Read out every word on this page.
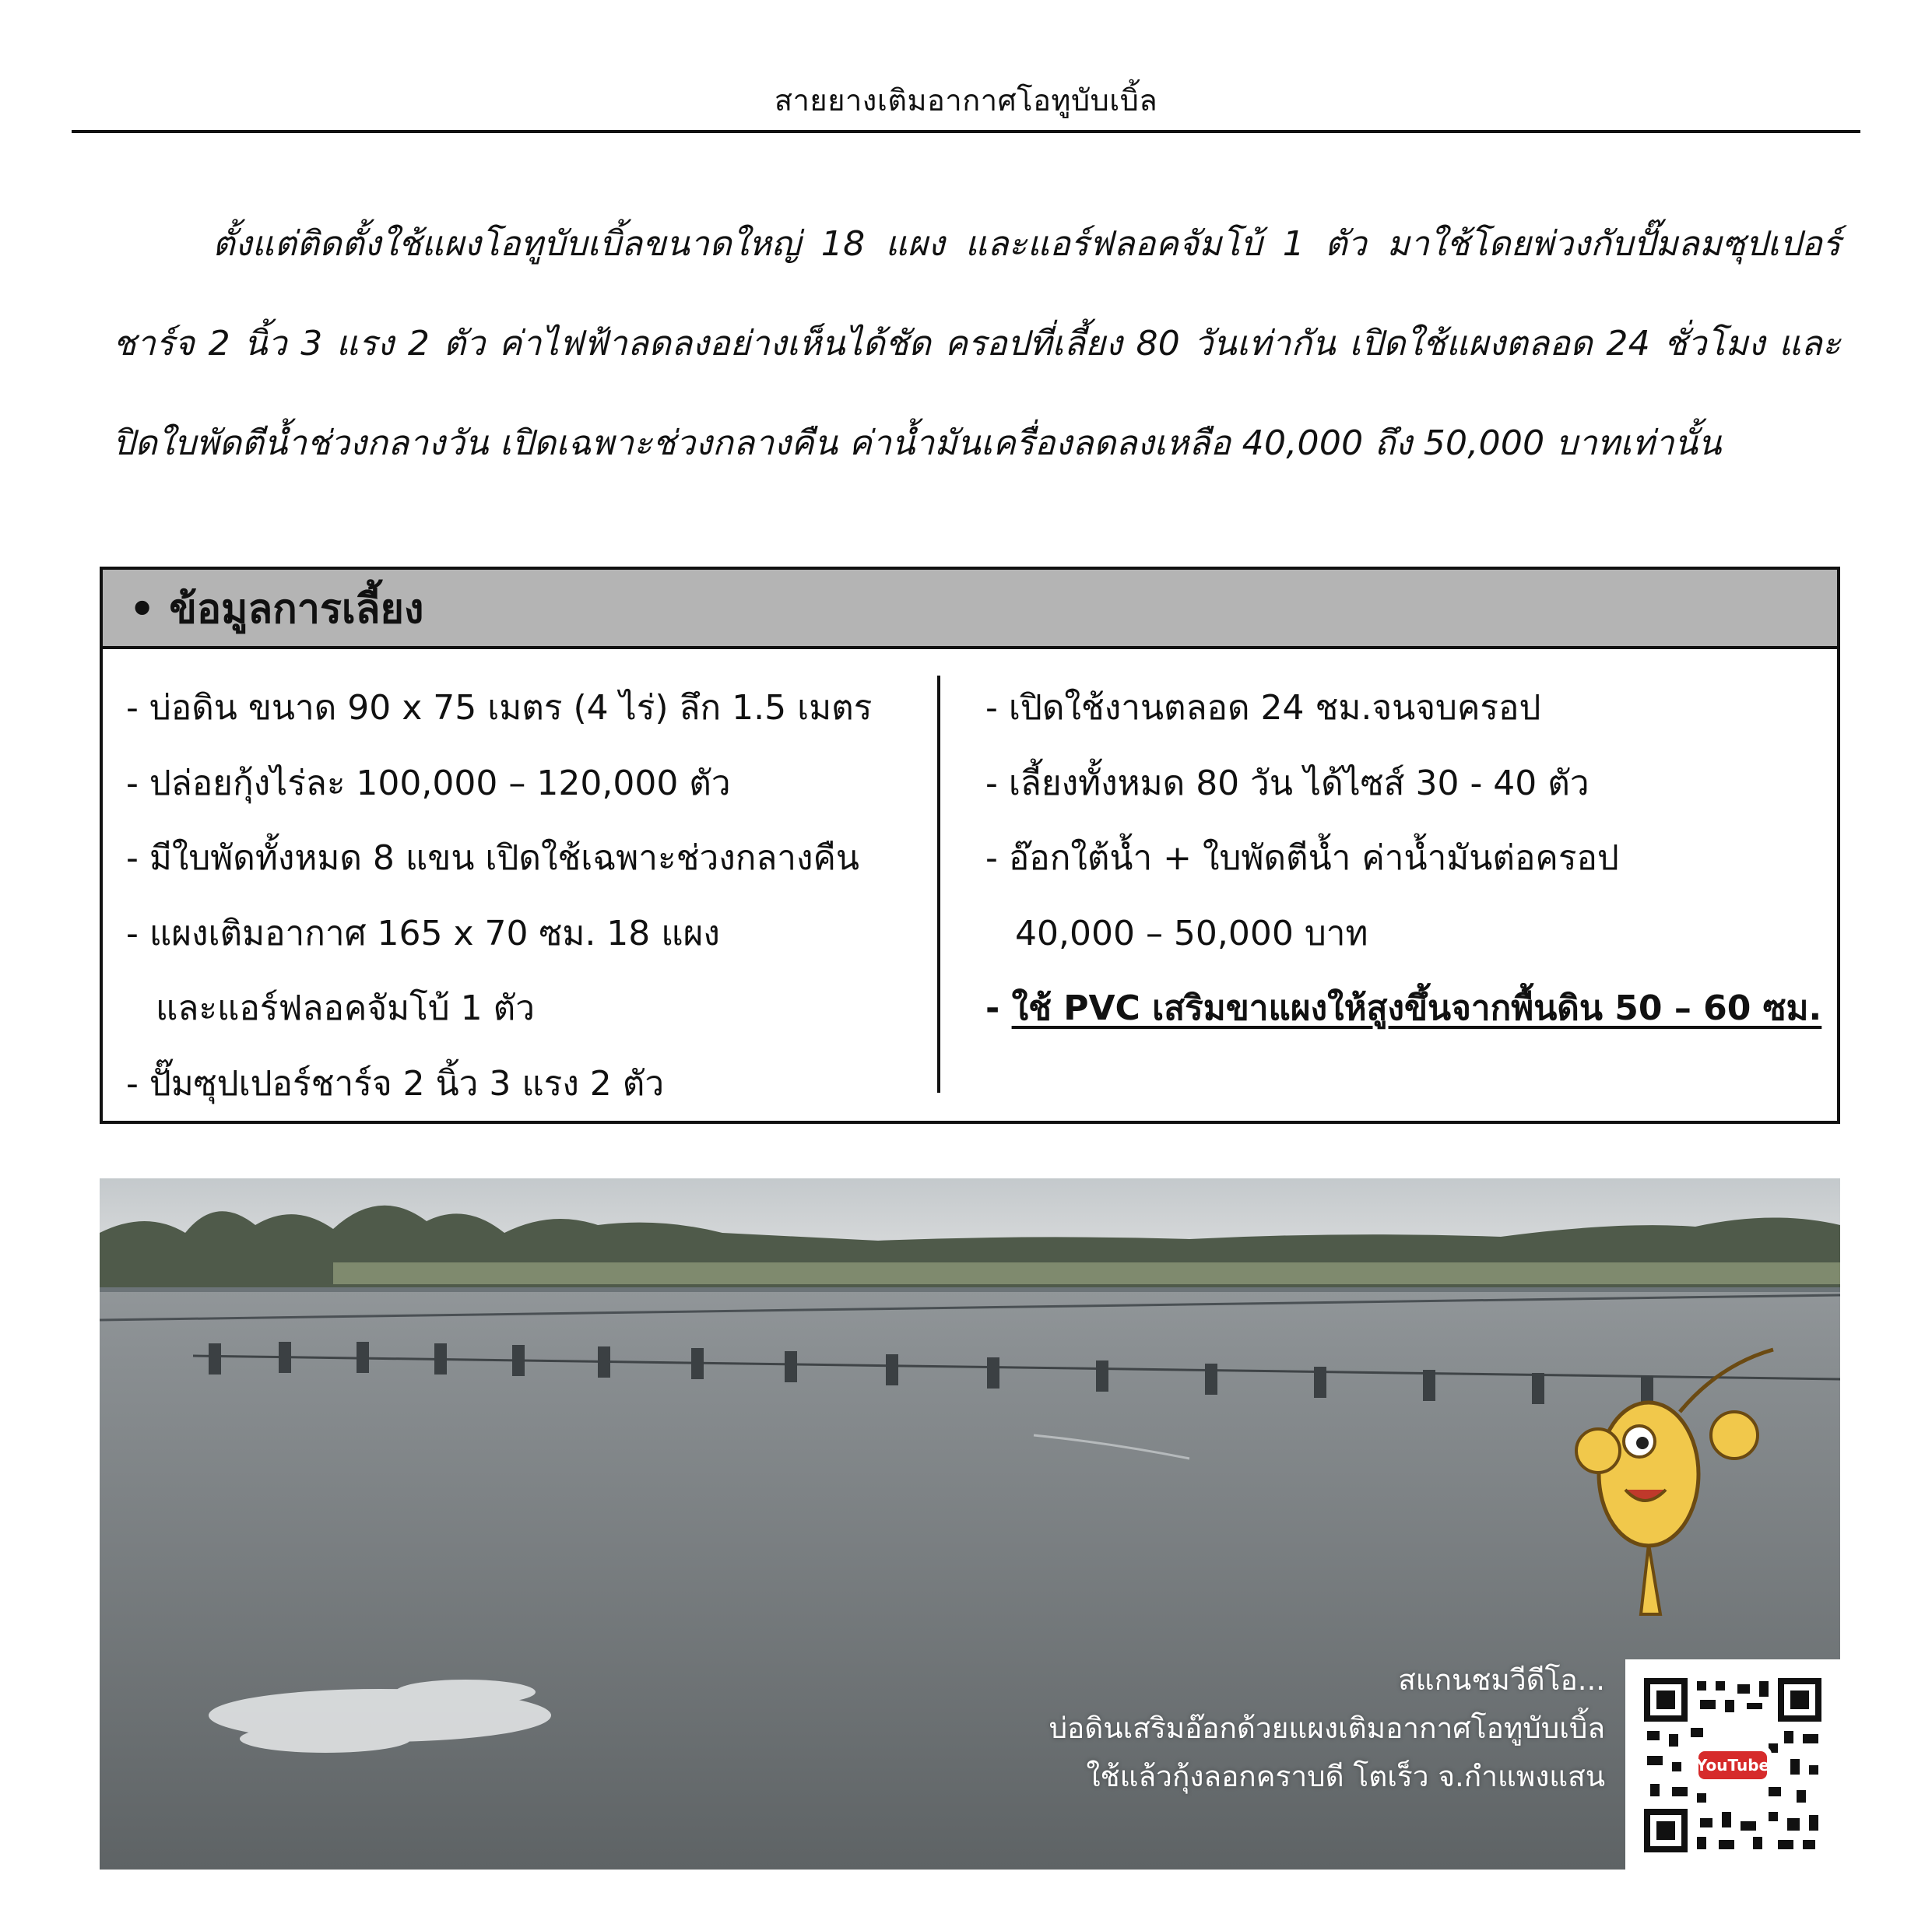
สายยางเติมอากาศโอทูบับเบิ้ล

ตั้งแต่ติดตั้งใช้แผงโอทูบับเบิ้ลขนาดใหญ่ 18 แผง และแอร์ฟลอคจัมโบ้ 1 ตัว มาใช้โดยพ่วงกับปั๊มลมซุปเปอร์ชาร์จ 2 นิ้ว 3 แรง 2 ตัว ค่าไฟฟ้าลดลงอย่างเห็นได้ชัด ครอปที่เลี้ยง 80 วันเท่ากัน เปิดใช้แผงตลอด 24 ชั่วโมง และปิดใบพัดตีน้ำช่วงกลางวัน เปิดเฉพาะช่วงกลางคืน ค่าน้ำมันเครื่องลดลงเหลือ 40,000 ถึง 50,000 บาทเท่านั้น

• ข้อมูลการเลี้ยง
- บ่อดิน ขนาด 90 x 75 เมตร (4 ไร่) ลึก 1.5 เมตร
- ปล่อยกุ้งไร่ละ 100,000 – 120,000 ตัว
- มีใบพัดทั้งหมด 8 แขน เปิดใช้เฉพาะช่วงกลางคืน
- แผงเติมอากาศ 165 x 70 ซม. 18 แผง
และแอร์ฟลอคจัมโบ้ 1 ตัว
- ปั๊มซุปเปอร์ชาร์จ 2 นิ้ว 3 แรง 2 ตัว
- เปิดใช้งานตลอด 24 ชม.จนจบครอป
- เลี้ยงทั้งหมด 80 วัน ได้ไซส์ 30 - 40 ตัว
- อ๊อกใต้น้ำ + ใบพัดตีน้ำ ค่าน้ำมันต่อครอป
40,000 – 50,000 บาท
- ใช้ PVC เสริมขาแผงให้สูงขึ้นจากพื้นดิน 50 – 60 ซม.
สแกนชมวีดีโอ...
บ่อดินเสริมอ๊อกด้วยแผงเติมอากาศโอทูบับเบิ้ล
ใช้แล้วกุ้งลอกคราบดี โตเร็ว จ.กำแพงแสน	YouTube
